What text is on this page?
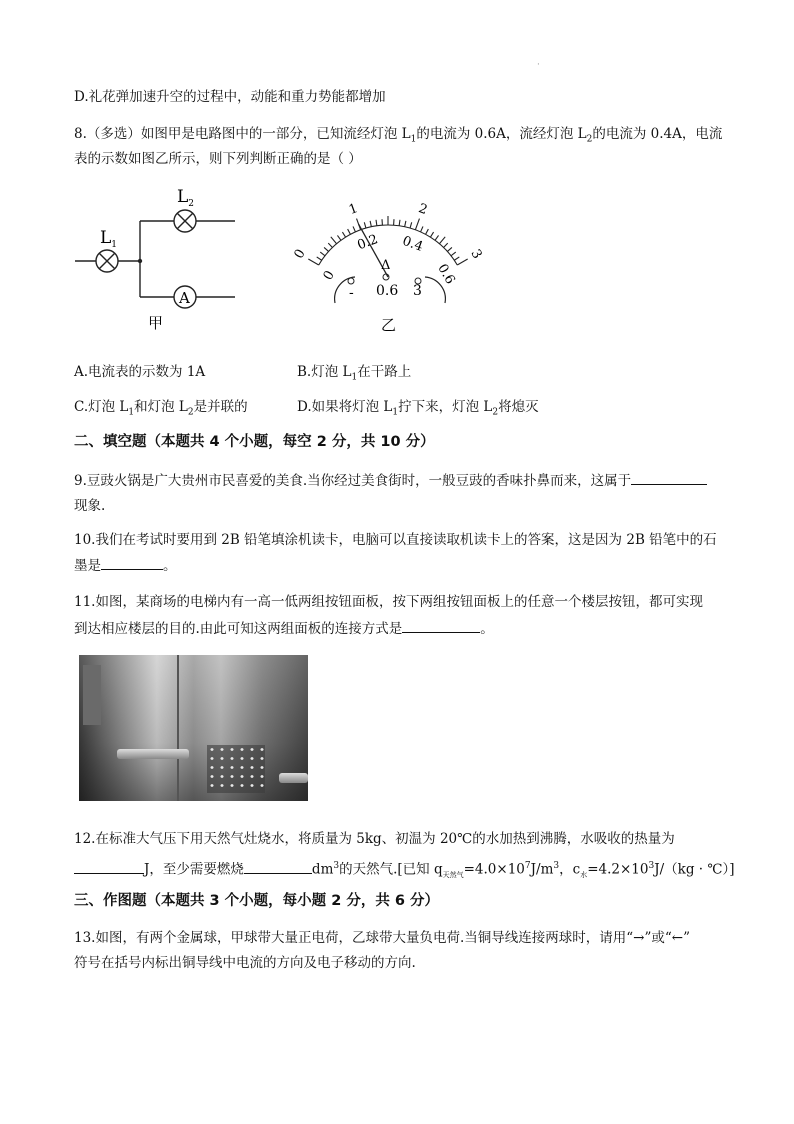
·
D.礼花弹加速升空的过程中，动能和重力势能都增加
8.（多选）如图甲是电路图中的一部分，已知流经灯泡 $L_1$的电流为 0.6A，流经灯泡 $L_2$的电流为 0.4A，电流
表的示数如图乙所示，则下列判断正确的是（ ）
$L_1$
$L_2$
A
甲
0
1	2
3
0
0.2 0.4
0.6
Δ
- 0.6 3
乙
A.电流表的示数为 1A	B.灯泡 $L_1$在干路上
C.灯泡 $L_1$和灯泡 $L_2$是并联的	D.如果将灯泡 $L_1$拧下来，灯泡 $L_2$将熄灭
二、填空题（本题共 4 个小题，每空 2 分，共 10 分）
9.豆豉火锅是广大贵州市民喜爱的美食.当你经过美食街时，一般豆豉的香味扑鼻而来，这属于
现象.
10.我们在考试时要用到 2B 铅笔填涂机读卡，电脑可以直接读取机读卡上的答案，这是因为 2B 铅笔中的石
墨是	。
11.如图，某商场的电梯内有一高一低两组按钮面板，按下两组按钮面板上的任意一个楼层按钮，都可实现
到达相应楼层的目的.由此可知这两组面板的连接方式是	。
12.在标准大气压下用天然气灶烧水，将质量为 5kg、初温为 20℃的水加热到沸腾，水吸收的热量为
J，至少需要燃烧	$dm^3$的天然气.[已知 $q_{天然气}=4.0\times 10^7J/m^3$，$c_水=4.2\times 10^3J/(kg$ · ℃）]
三、作图题（本题共 3 个小题，每小题 2 分，共 6 分）
13.如图，有两个金属球，甲球带大量正电荷，乙球带大量负电荷.当铜导线连接两球时，请用“→”或“←”
符号在括号内标出铜导线中电流的方向及电子移动的方向.
